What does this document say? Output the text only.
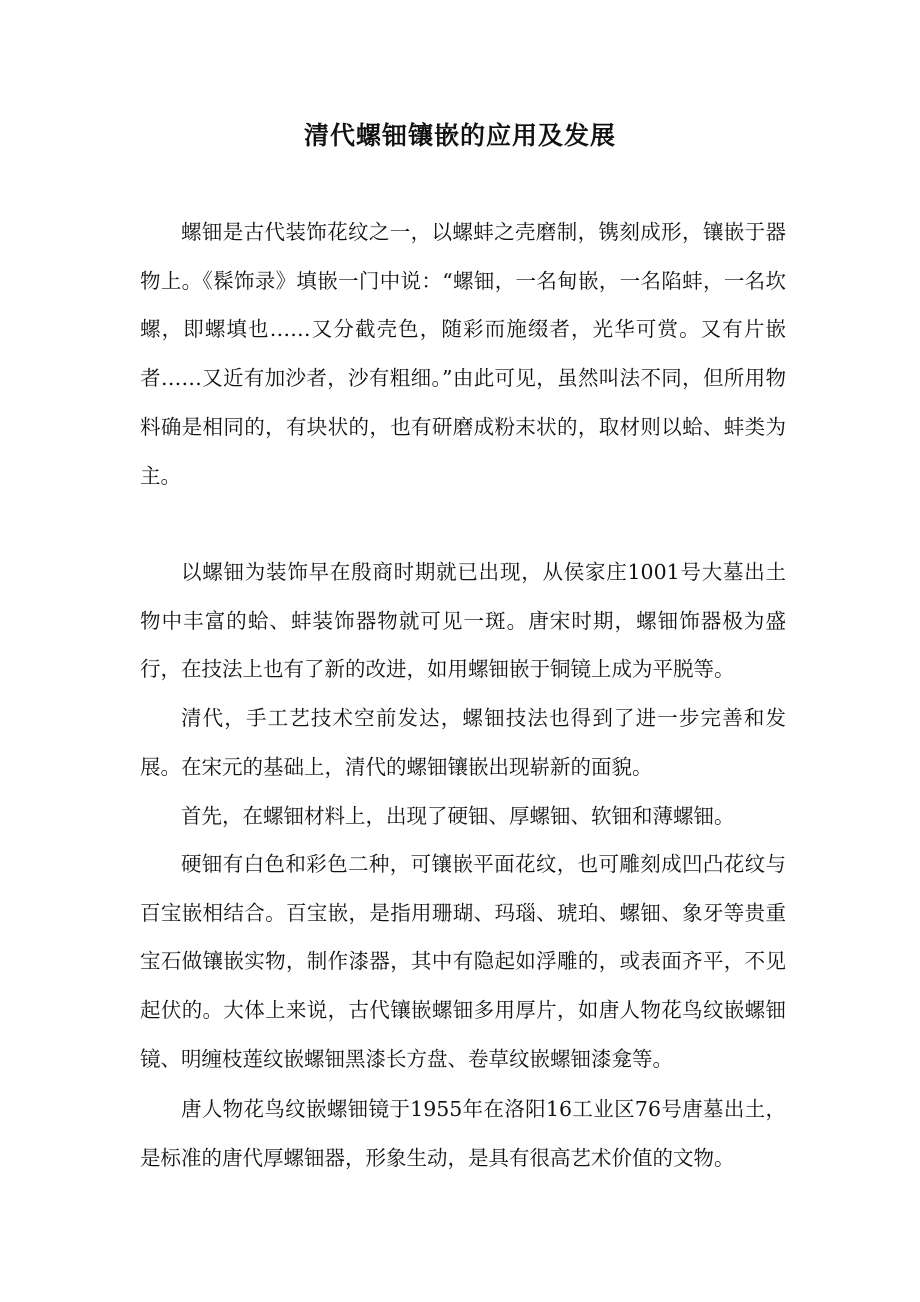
清代螺钿镶嵌的应用及发展

螺钿是古代装饰花纹之一，以螺蚌之壳磨制，镌刻成形，镶嵌于器物上。《髹饰录》填嵌一门中说：“螺钿，一名甸嵌，一名陷蚌，一名坎螺，即螺填也……又分截壳色，随彩而施缀者，光华可赏。又有片嵌者……又近有加沙者，沙有粗细。”由此可见，虽然叫法不同，但所用物料确是相同的，有块状的，也有研磨成粉末状的，取材则以蛤、蚌类为主。

以螺钿为装饰早在殷商时期就已出现，从侯家庄1001号大墓出土物中丰富的蛤、蚌装饰器物就可见一斑。唐宋时期，螺钿饰器极为盛行，在技法上也有了新的改进，如用螺钿嵌于铜镜上成为平脱等。

清代，手工艺技术空前发达，螺钿技法也得到了进一步完善和发展。在宋元的基础上，清代的螺钿镶嵌出现崭新的面貌。

首先，在螺钿材料上，出现了硬钿、厚螺钿、软钿和薄螺钿。

硬钿有白色和彩色二种，可镶嵌平面花纹，也可雕刻成凹凸花纹与百宝嵌相结合。百宝嵌，是指用珊瑚、玛瑙、琥珀、螺钿、象牙等贵重宝石做镶嵌实物，制作漆器，其中有隐起如浮雕的，或表面齐平，不见起伏的。大体上来说，古代镶嵌螺钿多用厚片，如唐人物花鸟纹嵌螺钿镜、明缠枝莲纹嵌螺钿黑漆长方盘、卷草纹嵌螺钿漆龛等。

唐人物花鸟纹嵌螺钿镜于1955年在洛阳16工业区76号唐墓出土，是标准的唐代厚螺钿器，形象生动，是具有很高艺术价值的文物。
